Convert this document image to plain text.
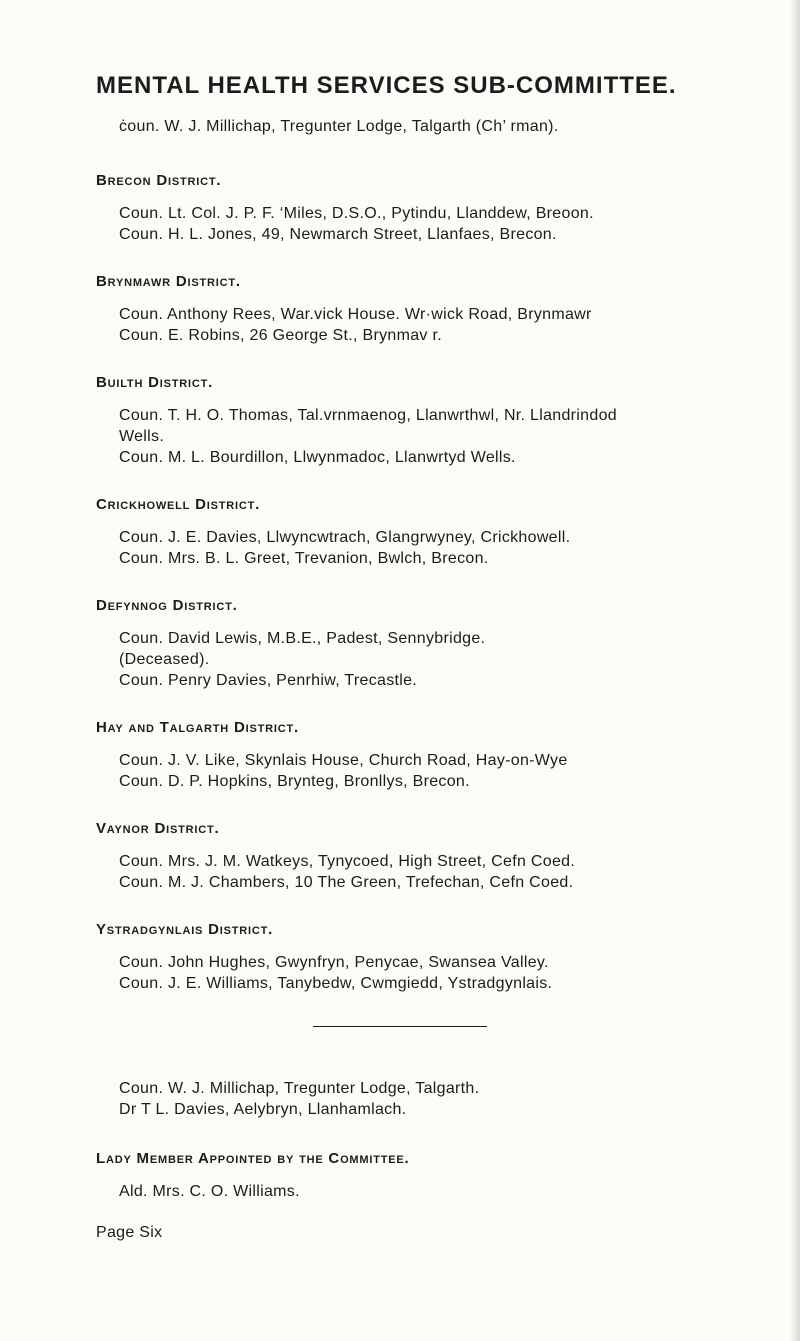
MENTAL HEALTH SERVICES SUB-COMMITTEE.
ċoun. W. J. Millichap, Tregunter Lodge, Talgarth (Ch’ rman).
Brecon District.
Coun. Lt. Col. J. P. F. ‘Miles, D.S.O., Pytindu, Llanddew, Breoon.
Coun. H. L. Jones, 49, Newmarch Street, Llanfaes, Brecon.
Brynmawr District.
Coun. Anthony Rees, War.vick House. Wr·wick Road, Brynmawr
Coun. E. Robins, 26 George St., Brynmav r.
Builth District.
Coun. T. H. O. Thomas, Tal.vrnmaenog, Llanwrthwl, Nr. Llandrindod
Wells.
Coun. M. L. Bourdillon, Llwynmadoc, Llanwrtyd Wells.
Crickhowell District.
Coun. J. E. Davies, Llwyncwtrach, Glangrwyney, Crickhowell.
Coun. Mrs. B. L. Greet, Trevanion, Bwlch, Brecon.
Defynnog District.
Coun. David Lewis, M.B.E., Padest, Sennybridge.
(Deceased).
Coun. Penry Davies, Penrhiw, Trecastle.
Hay and Talgarth District.
Coun. J. V. Like, Skynlais House, Church Road, Hay-on-Wye
Coun. D. P. Hopkins, Brynteg, Bronllys, Brecon.
Vaynor District.
Coun. Mrs. J. M. Watkeys, Tynycoed, High Street, Cefn Coed.
Coun. M. J. Chambers, 10 The Green, Trefechan, Cefn Coed.
Ystradgynlais District.
Coun. John Hughes, Gwynfryn, Penycae, Swansea Valley.
Coun. J. E. Williams, Tanybedw, Cwmgiedd, Ystradgynlais.
Coun. W. J. Millichap, Tregunter Lodge, Talgarth.
Dr T L. Davies, Aelybryn, Llanhamlach.
Lady Member Appointed by the Committee.
Ald. Mrs. C. O. Williams.
Page Six
